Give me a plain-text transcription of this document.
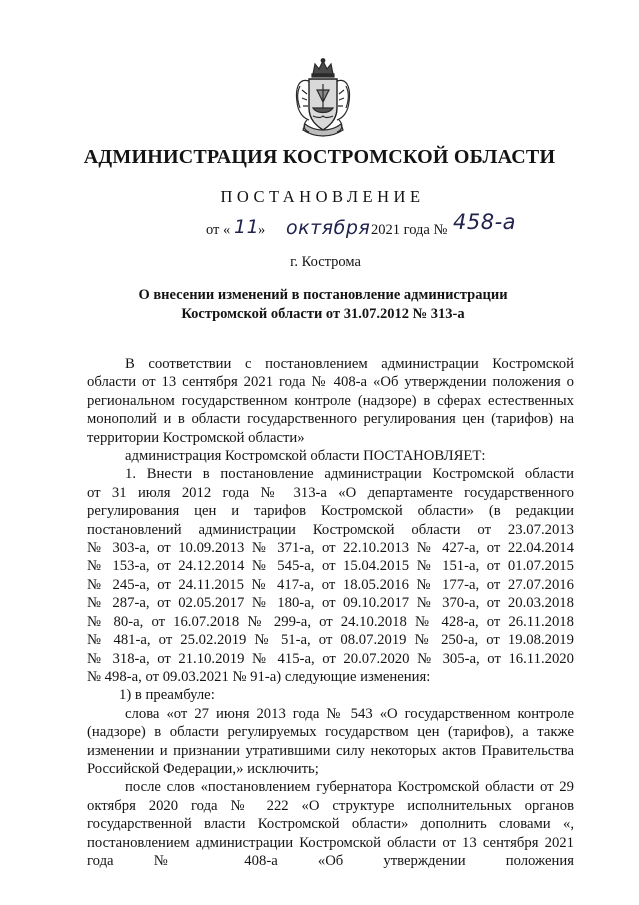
АДМИНИСТРАЦИЯ КОСТРОМСКОЙ ОБЛАСТИ
ПОСТАНОВЛЕНИЕ
от « 11
» октября 2021 года № 458-а
г. Кострома
О внесении изменений в постановление администрации
Костромской области от 31.07.2012 № 313-а

В соответствии с постановлением администрации Костромской области от 13 сентября 2021 года № 408-а «Об утверждении положения о региональном государственном контроле (надзоре) в сферах естественных монополий и в области государственного регулирования цен (тарифов) на территории Костромской области»

администрация Костромской области ПОСТАНОВЛЯЕТ:

1. Внести в постановление администрации Костромской области
от 31 июля 2012 года № 313-а «О департаменте государственного
регулирования цен и тарифов Костромской области» (в редакции
постановлений администрации Костромской области от 23.07.2013
№ 303-а, от 10.09.2013 № 371-а, от 22.10.2013 № 427-а, от 22.04.2014
№ 153-а, от 24.12.2014 № 545-а, от 15.04.2015 № 151-а, от 01.07.2015
№ 245-а, от 24.11.2015 № 417-а, от 18.05.2016 № 177-а, от 27.07.2016
№ 287-а, от 02.05.2017 № 180-а, от 09.10.2017 № 370-а, от 20.03.2018
№ 80-а, от 16.07.2018 № 299-а, от 24.10.2018 № 428-а, от 26.11.2018
№ 481-а, от 25.02.2019 № 51-а, от 08.07.2019 № 250-а, от 19.08.2019
№ 318-а, от 21.10.2019 № 415-а, от 20.07.2020 № 305-а, от 16.11.2020
№ 498-а, от 09.03.2021 № 91-а) следующие изменения:

1) в преамбуле:

слова «от 27 июня 2013 года № 543 «О государственном контроле (надзоре) в области регулируемых государством цен (тарифов), а также изменении и признании утратившими силу некоторых актов Правительства Российской Федерации,» исключить;

после слов «постановлением губернатора Костромской области от 29 октября 2020 года № 222 «О структуре исполнительных органов государственной власти Костромской области» дополнить словами «, постановлением администрации Костромской области от 13 сентября 2021 года № 408-а «Об утверждении положения
